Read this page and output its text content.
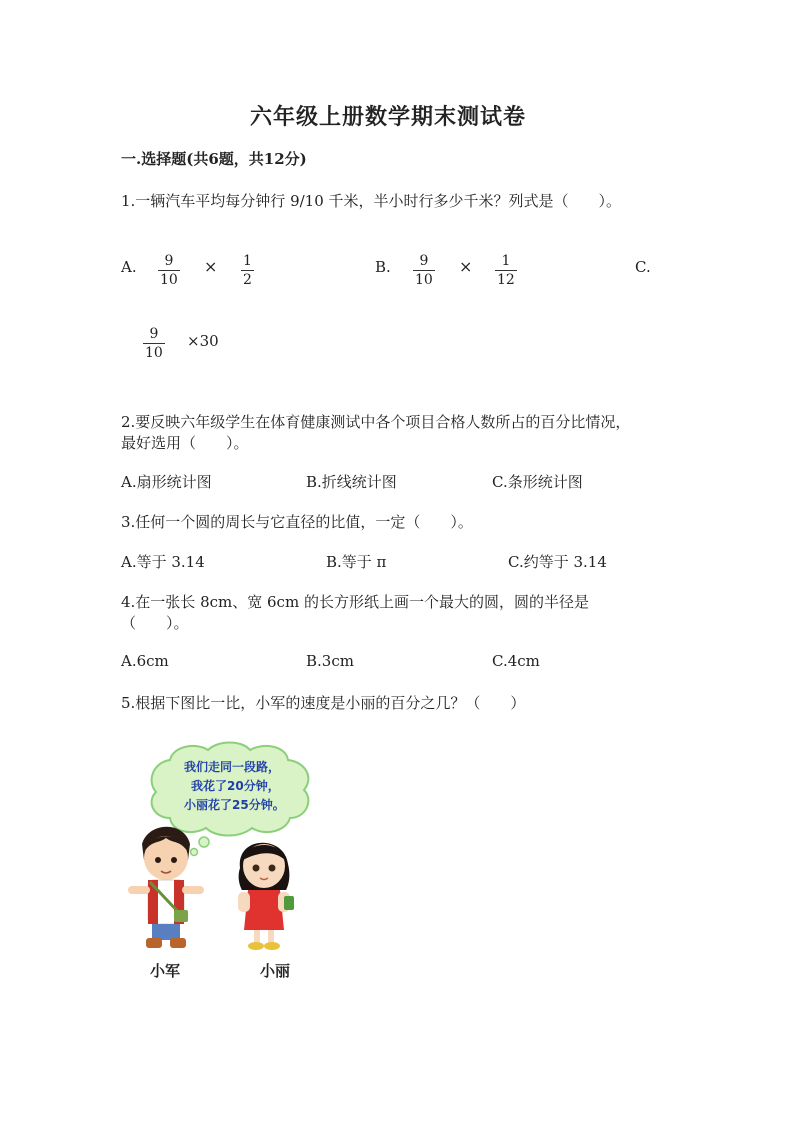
六年级上册数学期末测试卷
一.选择题(共6题，共12分)
1.一辆汽车平均每分钟行 9/10 千米，半小时行多少千米？列式是（　　）。
A.	9
10
× 1
2
B.	9
10
×	1
12
C.
9
10
×30
2.要反映六年级学生在体育健康测试中各个项目合格人数所占的百分比情况，
最好选用（　　）。
A.扇形统计图	B.折线统计图	C.条形统计图
3.任何一个圆的周长与它直径的比值，一定（　　）。
A.等于 3.14	B.等于 π	C.约等于 3.14
4.在一张长 8cm、宽 6cm 的长方形纸上画一个最大的圆，圆的半径是
（　　）。
A.6cm	B.3cm	C.4cm
5.根据下图比一比，小军的速度是小丽的百分之几？（　　）
我们走同一段路，
我花了20分钟，
小丽花了25分钟。
小军	小丽
